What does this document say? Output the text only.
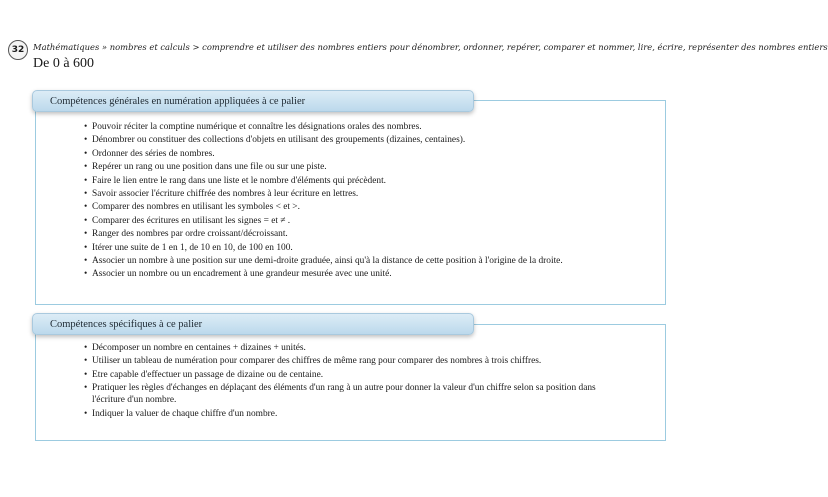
32	Mathématiques » nombres et calculs > comprendre et utiliser des nombres entiers pour dénombrer, ordonner, repérer, comparer et nommer, lire, écrire, représenter des nombres entiers
De 0 à 600
Compétences générales en numération appliquées à ce palier
• Pouvoir réciter la comptine numérique et connaître les désignations orales des nombres.
• Dénombrer ou constituer des collections d'objets en utilisant des groupements (dizaines, centaines).
• Ordonner des séries de nombres.
• Repérer un rang ou une position dans une file ou sur une piste.
• Faire le lien entre le rang dans une liste et le nombre d'éléments qui précèdent.
• Savoir associer l'écriture chiffrée des nombres à leur écriture en lettres.
• Comparer des nombres en utilisant les symboles < et >.
• Comparer des écritures en utilisant les signes = et ≠ .
• Ranger des nombres par ordre croissant/décroissant.
• Itérer une suite de 1 en 1, de 10 en 10, de 100 en 100.
• Associer un nombre à une position sur une demi-droite graduée, ainsi qu'à la distance de cette position à l'origine de la droite.
• Associer un nombre ou un encadrement à une grandeur mesurée avec une unité.
Compétences spécifiques à ce palier
• Décomposer un nombre en centaines + dizaines + unités.
• Utiliser un tableau de numération pour comparer des chiffres de même rang pour comparer des nombres à trois chiffres.
• Etre capable d'effectuer un passage de dizaine ou de centaine.
• Pratiquer les règles d'échanges en déplaçant des éléments d'un rang à un autre pour donner la valeur d'un chiffre selon sa position dans l'écriture d'un nombre.
• Indiquer la valuer de chaque chiffre d'un nombre.
